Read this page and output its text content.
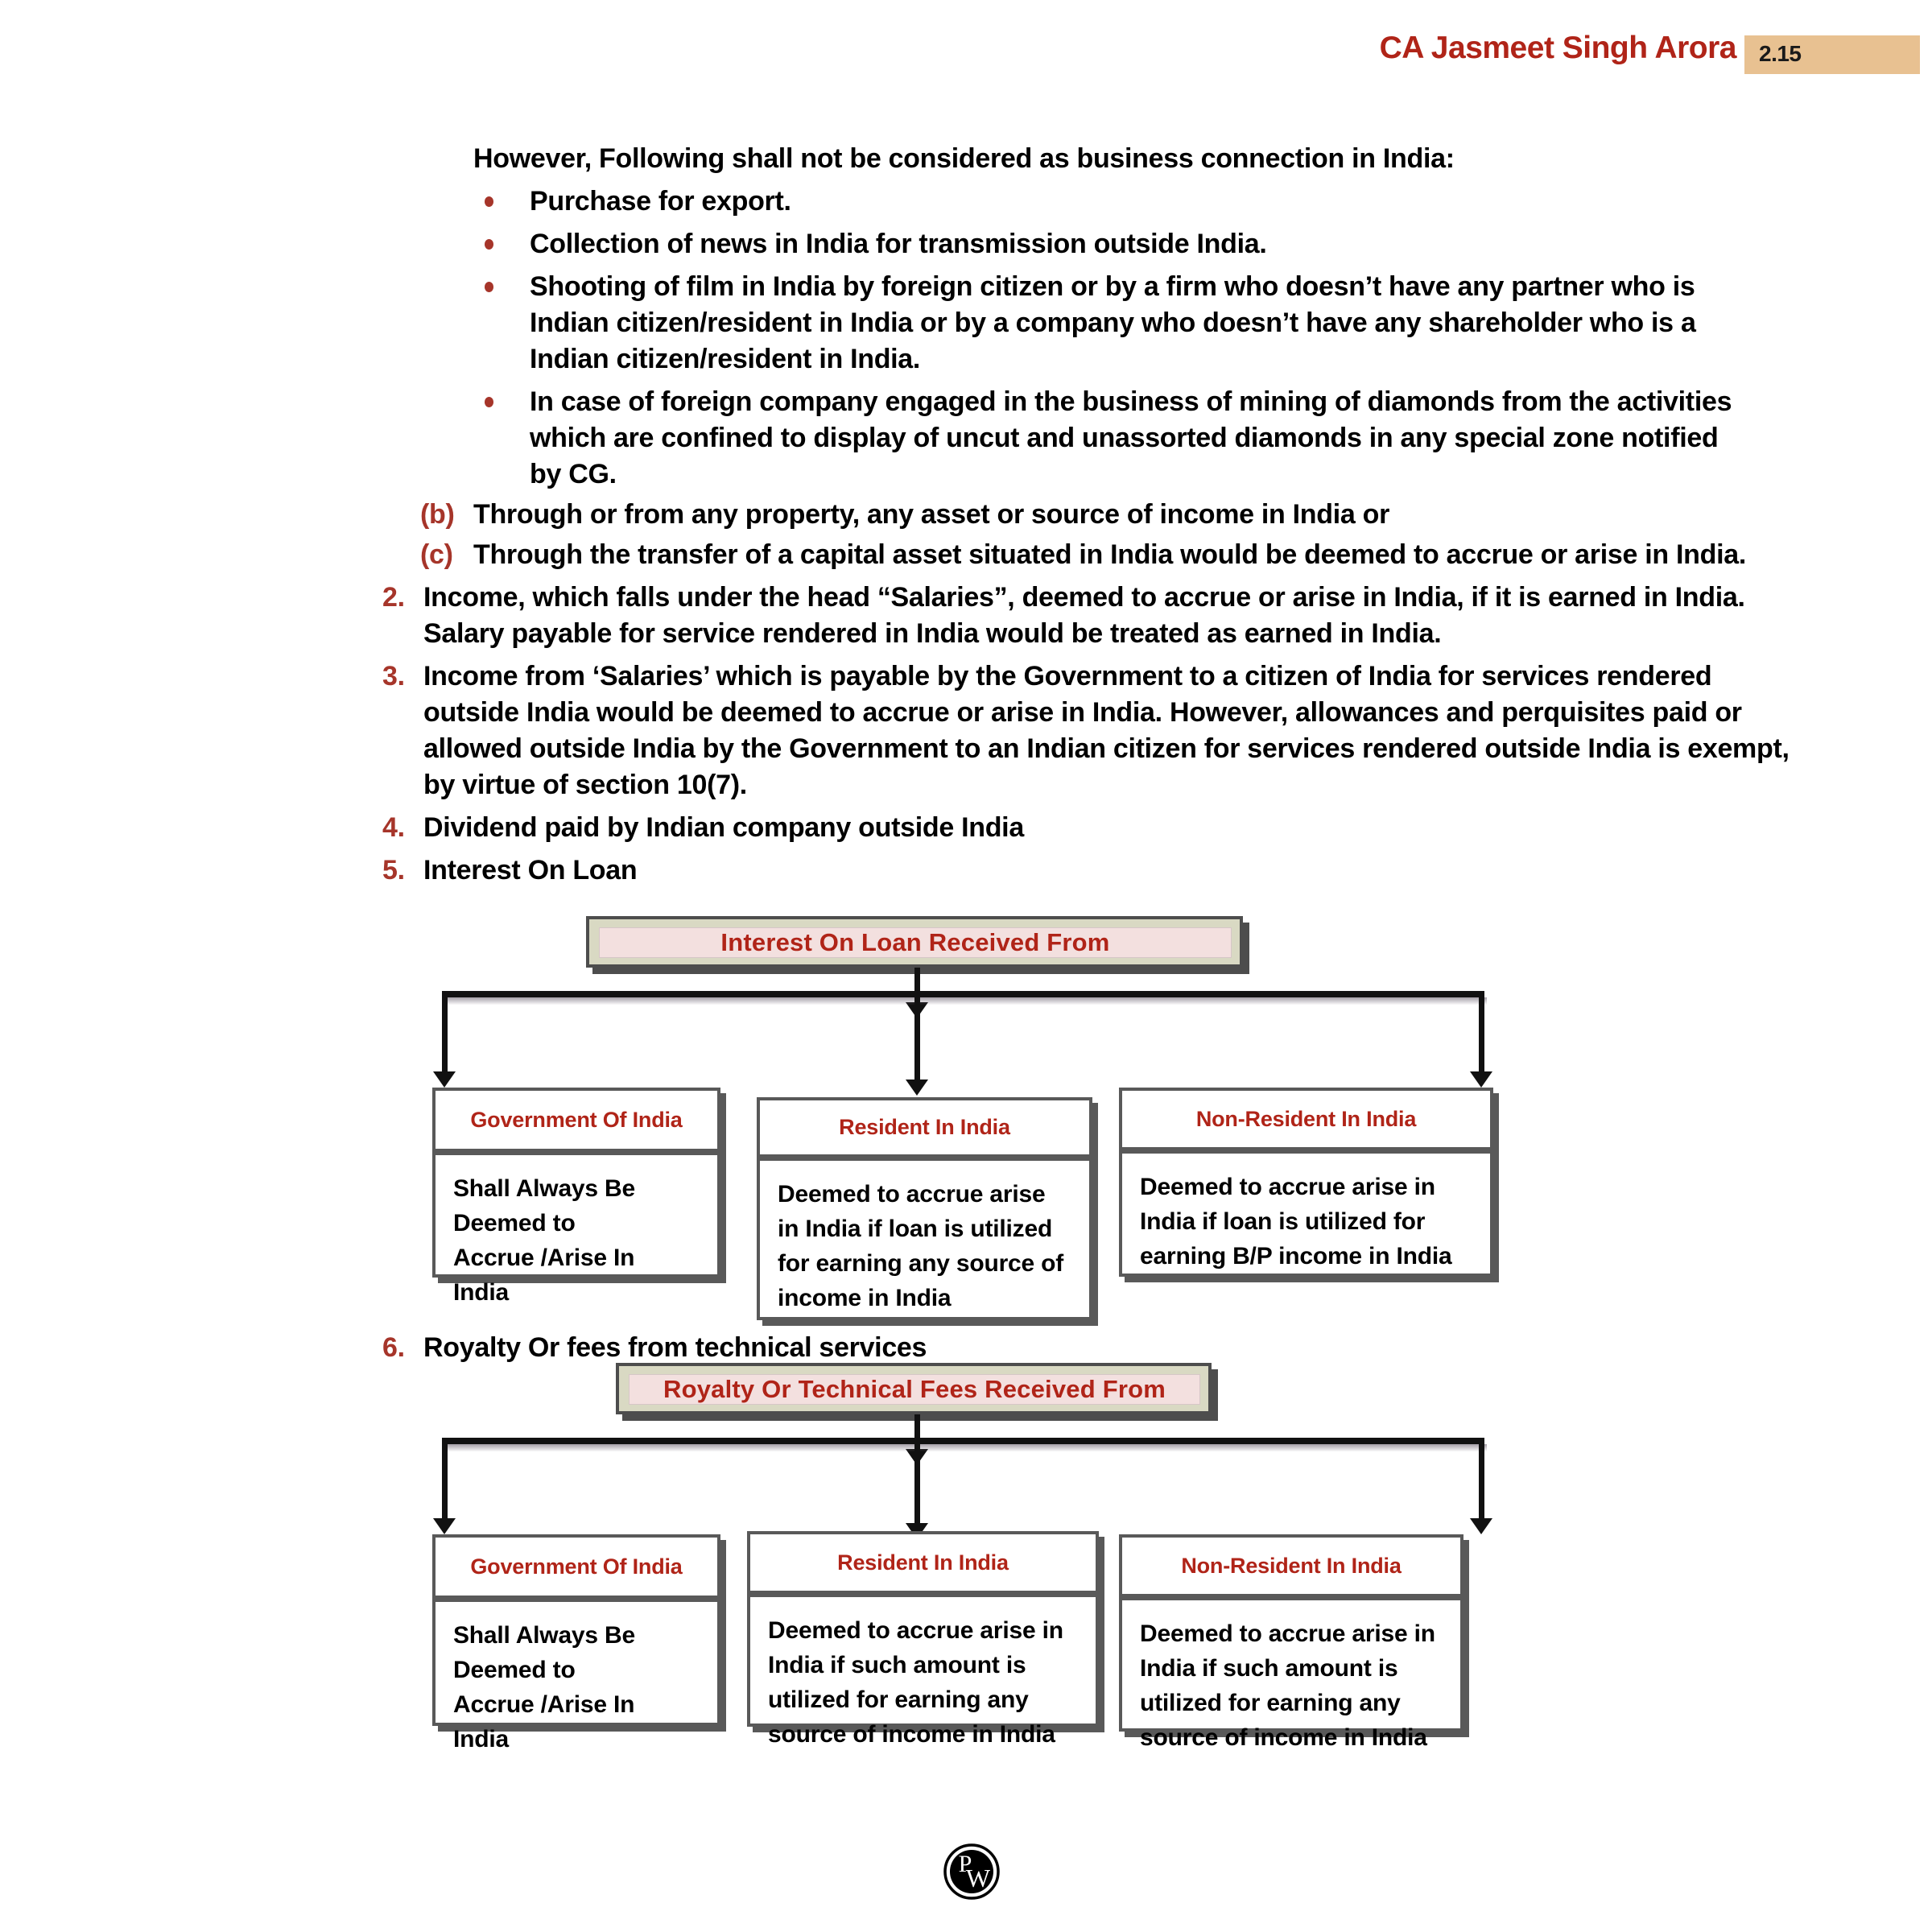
CA Jasmeet Singh Arora 2.15
However, Following shall not be considered as business connection in India:
Purchase for export.
Collection of news in India for transmission outside India.
Shooting of film in India by foreign citizen or by a firm who doesn’t have any partner who is Indian citizen/resident in India or by a company who doesn’t have any shareholder who is a Indian citizen/resident in India.
In case of foreign company engaged in the business of mining of diamonds from the activities which are confined to display of uncut and unassorted diamonds in any special zone notified by CG.
(b) Through or from any property, any asset or source of income in India or
(c) Through the transfer of a capital asset situated in India would be deemed to accrue or arise in India.
2. Income, which falls under the head “Salaries”, deemed to accrue or arise in India, if it is earned in India. Salary payable for service rendered in India would be treated as earned in India.
3. Income from ‘Salaries’ which is payable by the Government to a citizen of India for services rendered outside India would be deemed to accrue or arise in India. However, allowances and perquisites paid or allowed outside India by the Government to an Indian citizen for services rendered outside India is exempt, by virtue of section 10(7).
4. Dividend paid by Indian company outside India
5. Interest On Loan
Interest On Loan Received From
Government Of India
Shall Always Be Deemed to Accrue /Arise In India
Resident In India
Deemed to accrue arise in India if loan is utilized for earning any source of income in India
Non-Resident In India
Deemed to accrue arise in India if loan is utilized for earning B/P income in India
6. Royalty Or fees from technical services
Royalty Or Technical Fees Received From
Government Of India
Shall Always Be Deemed to Accrue /Arise In India
Resident In India
Deemed to accrue arise in India if such amount is utilized for earning any source of income in India
Non-Resident In India
Deemed to accrue arise in India if such amount is utilized for earning any source of income in India
P
W
